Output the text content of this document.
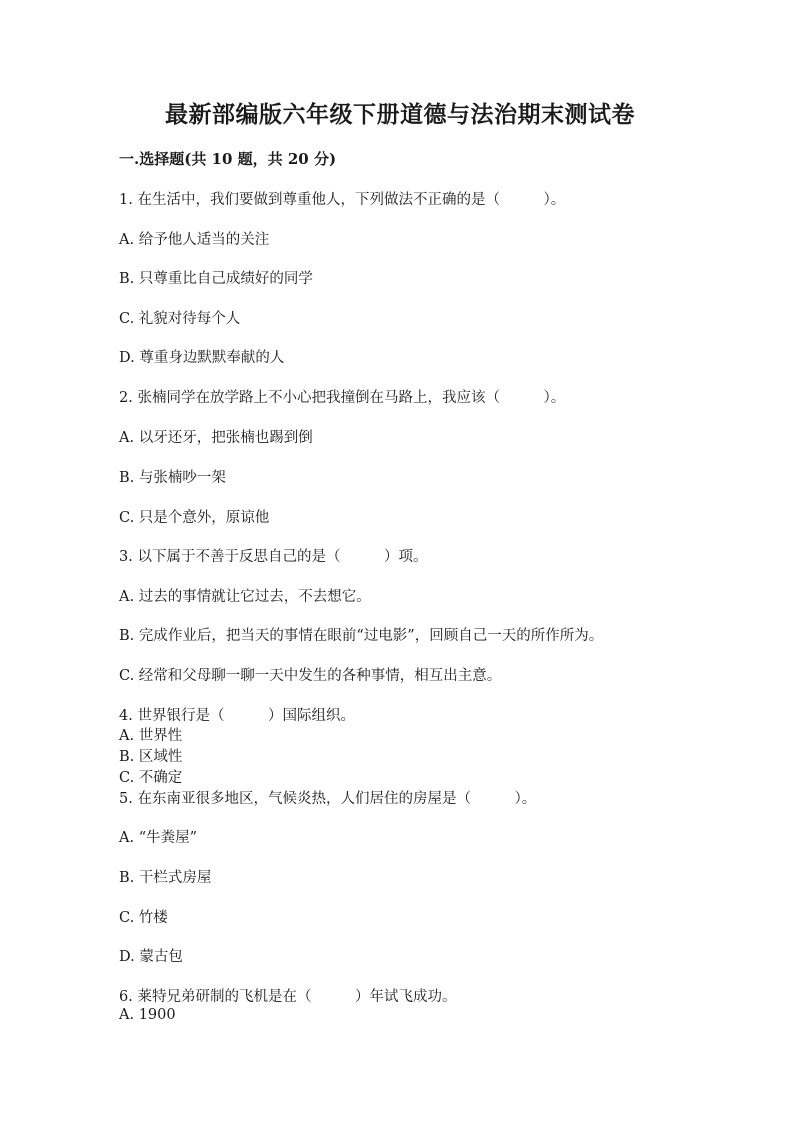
最新部编版六年级下册道德与法治期末测试卷
一.选择题(共 10 题，共 20 分)
1. 在生活中，我们要做到尊重他人，下列做法不正确的是（　　　）。
A. 给予他人适当的关注
B. 只尊重比自己成绩好的同学
C. 礼貌对待每个人
D. 尊重身边默默奉献的人
2. 张楠同学在放学路上不小心把我撞倒在马路上，我应该（　　　）。
A. 以牙还牙，把张楠也踢到倒
B. 与张楠吵一架
C. 只是个意外，原谅他
3. 以下属于不善于反思自己的是（　　　）项。
A. 过去的事情就让它过去，不去想它。
B. 完成作业后，把当天的事情在眼前“过电影”，回顾自己一天的所作所为。
C. 经常和父母聊一聊一天中发生的各种事情，相互出主意。
4. 世界银行是（　　　）国际组织。
A. 世界性
B. 区域性
C. 不确定
5. 在东南亚很多地区，气候炎热，人们居住的房屋是（　　　）。
A. “牛粪屋”
B. 干栏式房屋
C. 竹楼
D. 蒙古包
6. 莱特兄弟研制的飞机是在（　　　）年试飞成功。
A. 1900
